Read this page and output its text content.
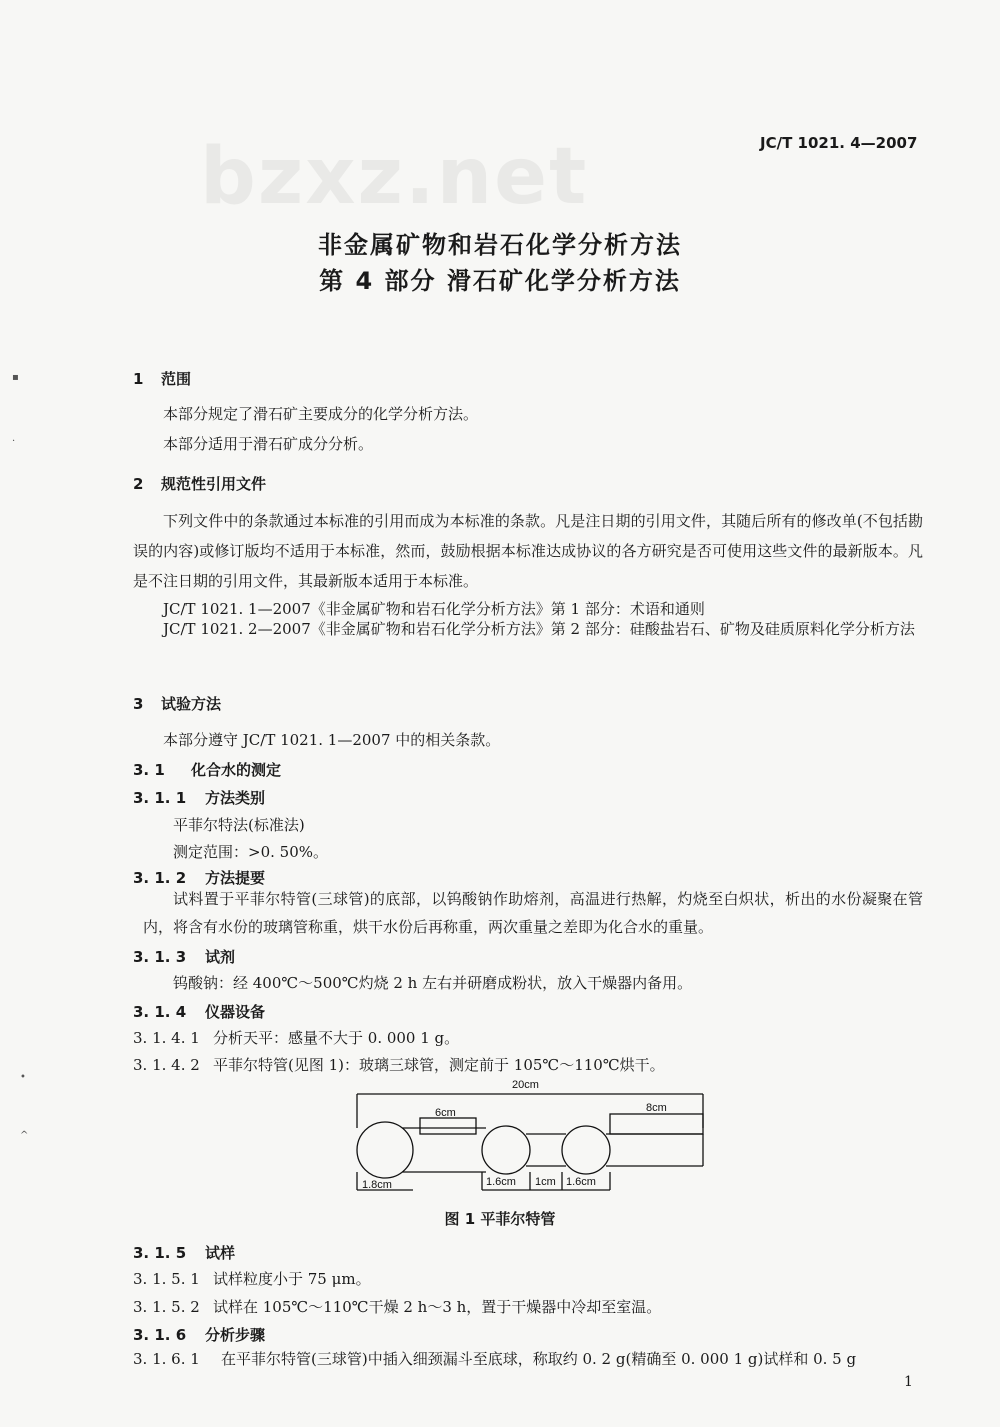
bzxz.net	JC/T 1021. 4—2007
非金属矿物和岩石化学分析方法
第 4 部分 滑石矿化学分析方法
▪
·
•
^
1 范围
本部分规定了滑石矿主要成分的化学分析方法。
本部分适用于滑石矿成分分析。
2 规范性引用文件
下列文件中的条款通过本标准的引用而成为本标准的条款。凡是注日期的引用文件，其随后所有的修改单(不包括勘误的内容)或修订版均不适用于本标准，然而，鼓励根据本标准达成协议的各方研究是否可使用这些文件的最新版本。凡是不注日期的引用文件，其最新版本适用于本标准。
JC/T 1021. 1—2007《非金属矿物和岩石化学分析方法》第 1 部分：术语和通则
JC/T 1021. 2—2007《非金属矿物和岩石化学分析方法》第 2 部分：硅酸盐岩石、矿物及硅质原料化学分析方法
3 试验方法
本部分遵守 JC/T 1021. 1—2007 中的相关条款。
3. 1 化合水的测定
3. 1. 1 方法类别
平菲尔特法(标准法)
测定范围：>0. 50%。
3. 1. 2 方法提要
试料置于平菲尔特管(三球管)的底部，以钨酸钠作助熔剂，高温进行热解，灼烧至白炽状，析出的水份凝聚在管内，将含有水份的玻璃管称重，烘干水份后再称重，两次重量之差即为化合水的重量。
3. 1. 3 试剂
钨酸钠：经 400℃～500℃灼烧 2 h 左右并研磨成粉状，放入干燥器内备用。
3. 1. 4 仪器设备
3. 1. 4. 1 分析天平：感量不大于 0. 000 1 g。
3. 1. 4. 2 平菲尔特管(见图 1)：玻璃三球管，测定前于 105℃～110℃烘干。
20cm
6cm	8cm
1.8cm	1.6cm 1cm 1.6cm
图 1 平菲尔特管
3. 1. 5 试样
3. 1. 5. 1 试样粒度小于 75 μm。
3. 1. 5. 2 试样在 105℃～110℃干燥 2 h～3 h，置于干燥器中冷却至室温。
3. 1. 6 分析步骤
3. 1. 6. 1 在平菲尔特管(三球管)中插入细颈漏斗至底球，称取约 0. 2 g(精确至 0. 000 1 g)试样和 0. 5 g
1
